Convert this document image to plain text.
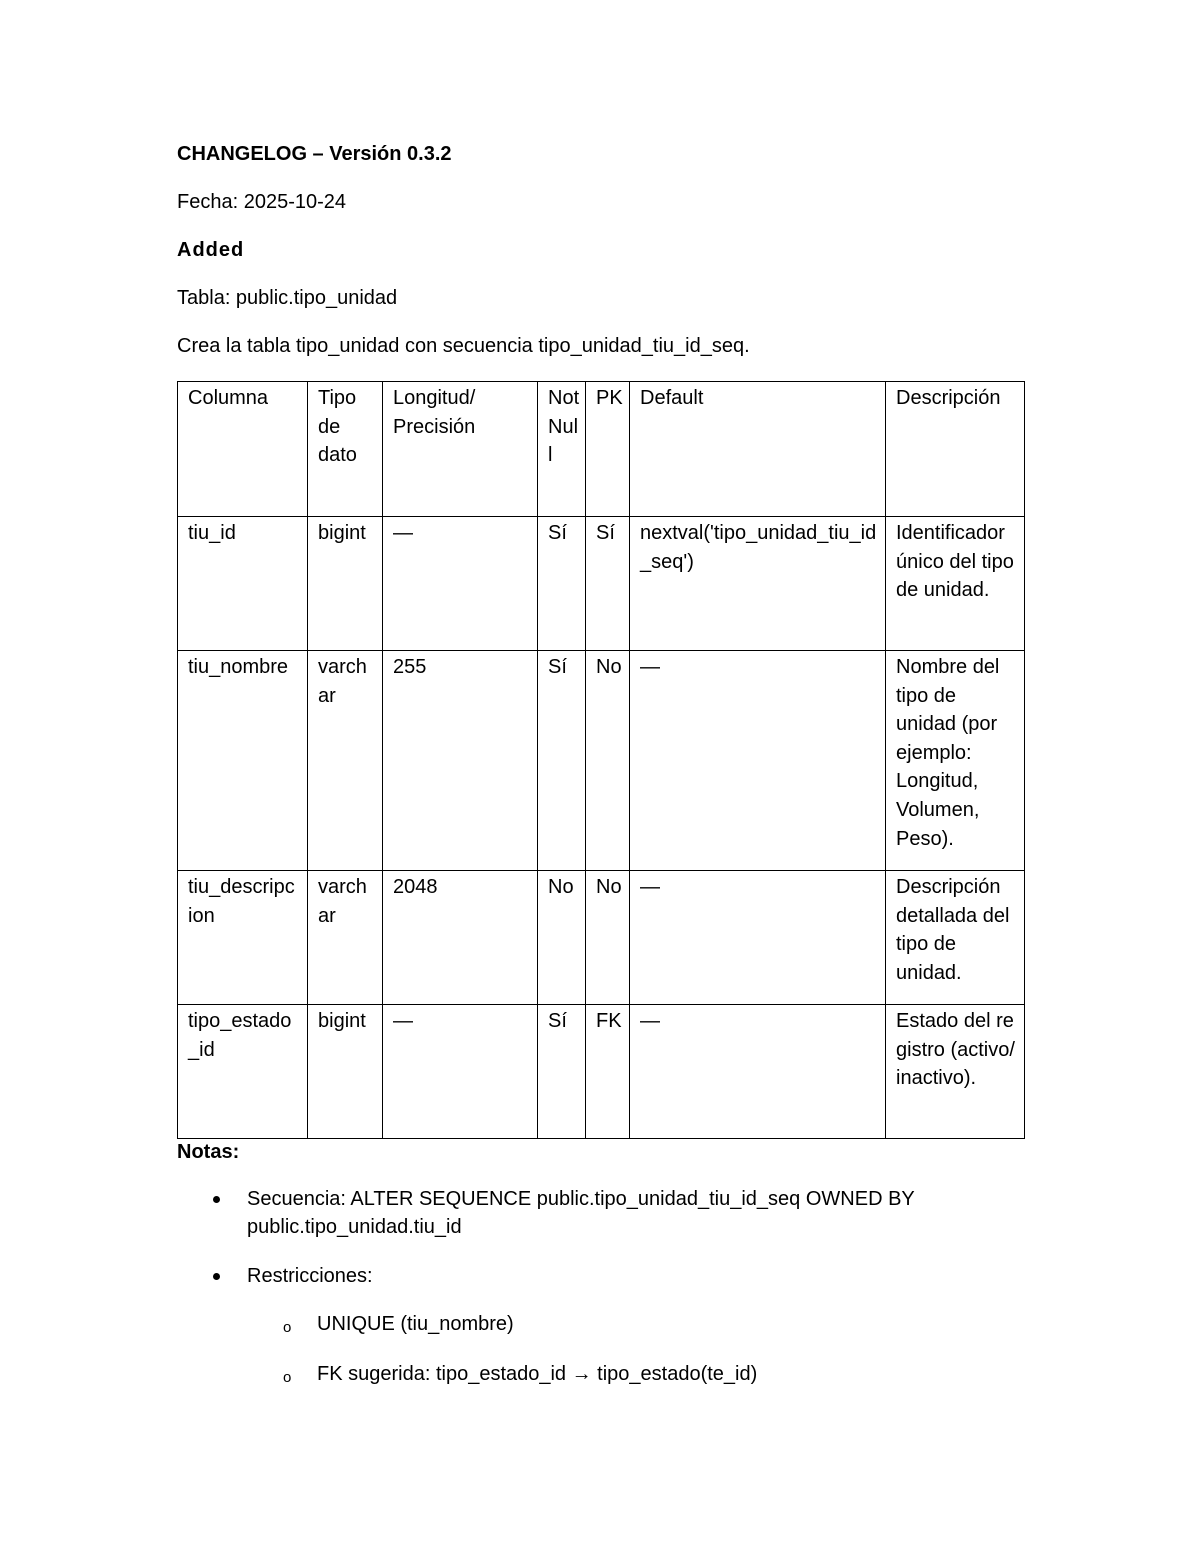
CHANGELOG – Versión 0.3.2
Fecha: 2025-10-24
Added
Tabla: public.tipo_unidad
Crea la tabla tipo_unidad con secuencia tipo_unidad_tiu_id_seq.
Columna	Tipo de dato	Longitud/ Precisión	Not Null	PK	Default	Descripción
tiu_id	bigint	—	Sí	Sí	nextval('tipo_unidad_tiu_id_seq')	Identificador único del tipo de unidad.
tiu_nombre	varchar	255	Sí	No	—	Nombre del tipo de unidad (por ejemplo: Longitud, Volumen, Peso).
tiu_descripcion	varchar	2048	No	No	—	Descripción detallada del tipo de unidad.
tipo_estado_id	bigint	—	Sí	FK	—	Estado del registro (activo/inactivo).
Notas:
Secuencia: ALTER SEQUENCE public.tipo_unidad_tiu_id_seq OWNED BY public.tipo_unidad.tiu_id
Restricciones:
o UNIQUE (tiu_nombre)
o FK sugerida: tipo_estado_id → tipo_estado(te_id)
